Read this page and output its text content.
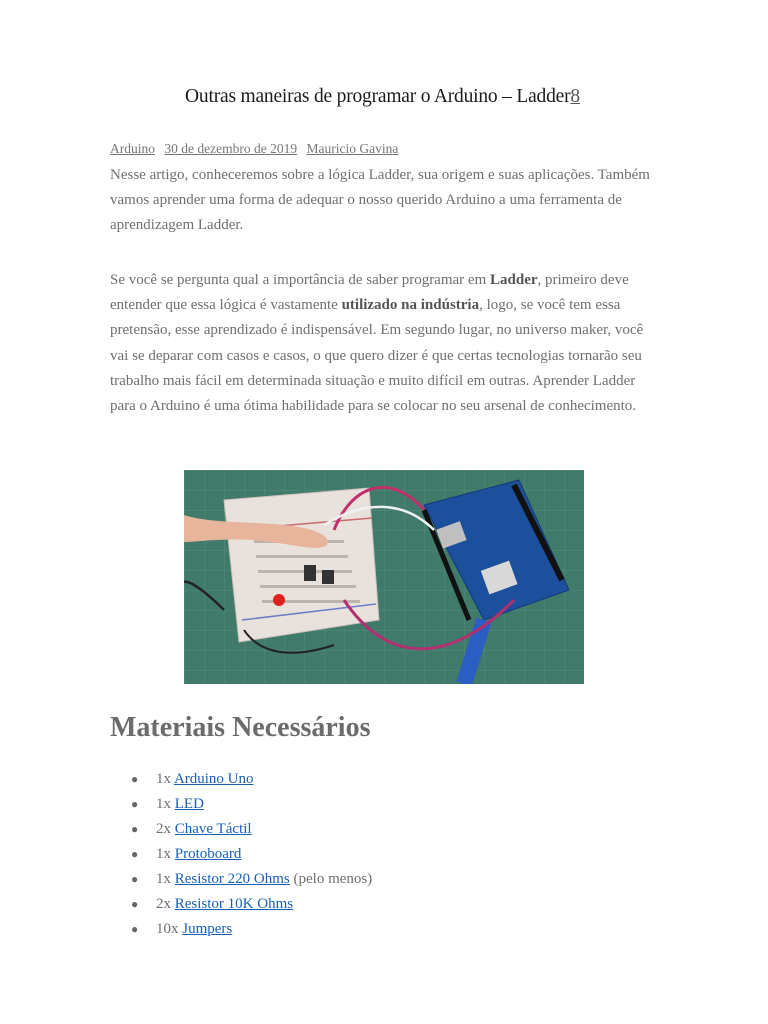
Outras maneiras de programar o Arduino – Ladder8
Arduino 30 de dezembro de 2019 Mauricio Gavina

Nesse artigo, conheceremos sobre a lógica Ladder, sua origem e suas aplicações. Também vamos aprender uma forma de adequar o nosso querido Arduino a uma ferramenta de aprendizagem Ladder.

Se você se pergunta qual a importância de saber programar em Ladder, primeiro deve entender que essa lógica é vastamente utilizado na indústria, logo, se você tem essa pretensão, esse aprendizado é indispensável. Em segundo lugar, no universo maker, você vai se deparar com casos e casos, o que quero dizer é que certas tecnologias tornarão seu trabalho mais fácil em determinada situação e muito difícil em outras. Aprender Ladder para o Arduino é uma ótima habilidade para se colocar no seu arsenal de conhecimento.

Materiais Necessários
● 1x Arduino Uno
● 1x LED
● 2x Chave Táctil
● 1x Protoboard
● 1x Resistor 220 Ohms (pelo menos)
● 2x Resistor 10K Ohms
● 10x Jumpers
